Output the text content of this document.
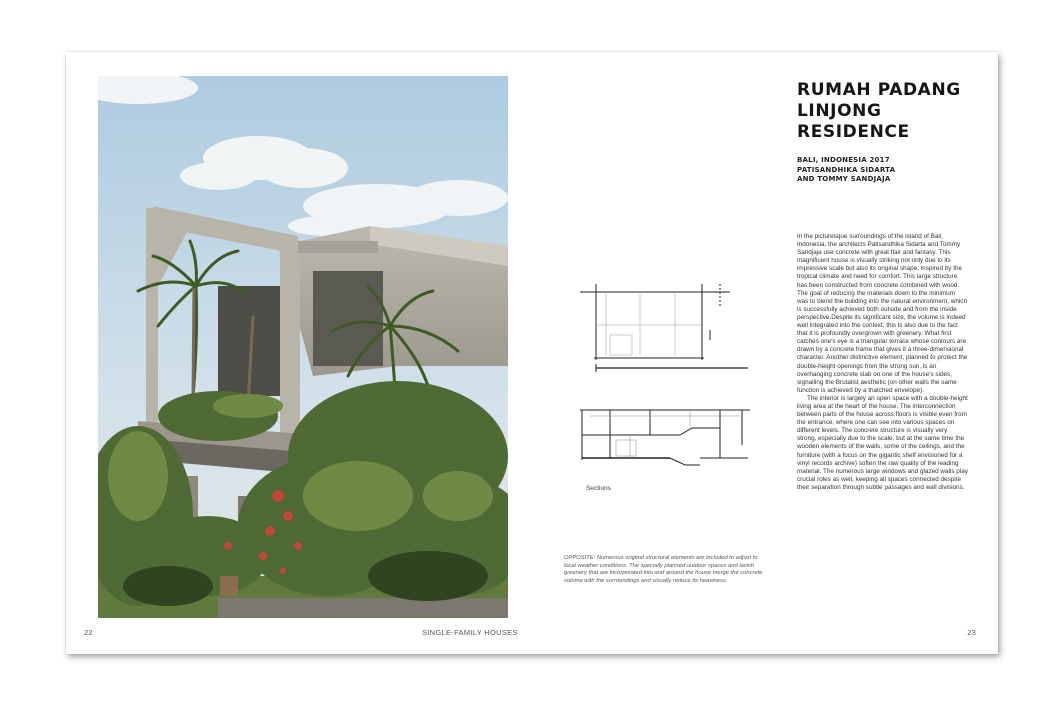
22	SINGLE-FAMILY HOUSES	23
RUMAH PADANG
LINJONG
RESIDENCE
BALI, INDONESIA 2017
PATISANDHIKA SIDARTA
AND TOMMY SANDJAJA

In the picturesque surroundings of the island of Bali, Indonesia, the architects Patisandhika Sidarta and Tommy Sandjaja use concrete with great flair and fantasy. This magnificent house is visually striking not only due to its impressive scale but also its original shape, inspired by the tropical climate and need for comfort. This large structure has been constructed from concrete combined with wood. The goal of reducing the materials down to the minimum was to blend the building into the natural environment, which is successfully achieved both outside and from the inside perspective.Despite its significant size, the volume is indeed well integrated into the context; this is also due to the fact that it is profoundly overgrown with greenery. What first catches one's eye is a triangular terrace whose contours are drawn by a concrete frame that gives it a three-dimensional character. Another distinctive element, planned to protect the double-height openings from the strong sun, is an overhanging concrete slab on one of the house's sides, signalling the Brutalist aesthetic (on other walls the same function is achieved by a thatched envelope).

The interior is largely an open space with a double-height living area at the heart of the house. The interconnection between parts of the house across floors is visible even from the entrance, where one can see into various spaces on different levels. The concrete structure is visually very strong, especially due to the scale, but at the same time the wooden elements of the walls, some of the ceilings, and the furniture (with a focus on the gigantic shelf envisioned for a vinyl records archive) soften the raw quality of the leading material. The numerous large windows and glazed walls play crucial roles as well, keeping all spaces connected despite their separation through subtle passages and wall divisions.

Sections
OPPOSITE: Numerous original structural elements are included to adjust to local weather conditions. The specially planned outdoor spaces and lavish greenery that are incorporated into and around the house merge the concrete volume with the surroundings and visually reduce its heaviness.
